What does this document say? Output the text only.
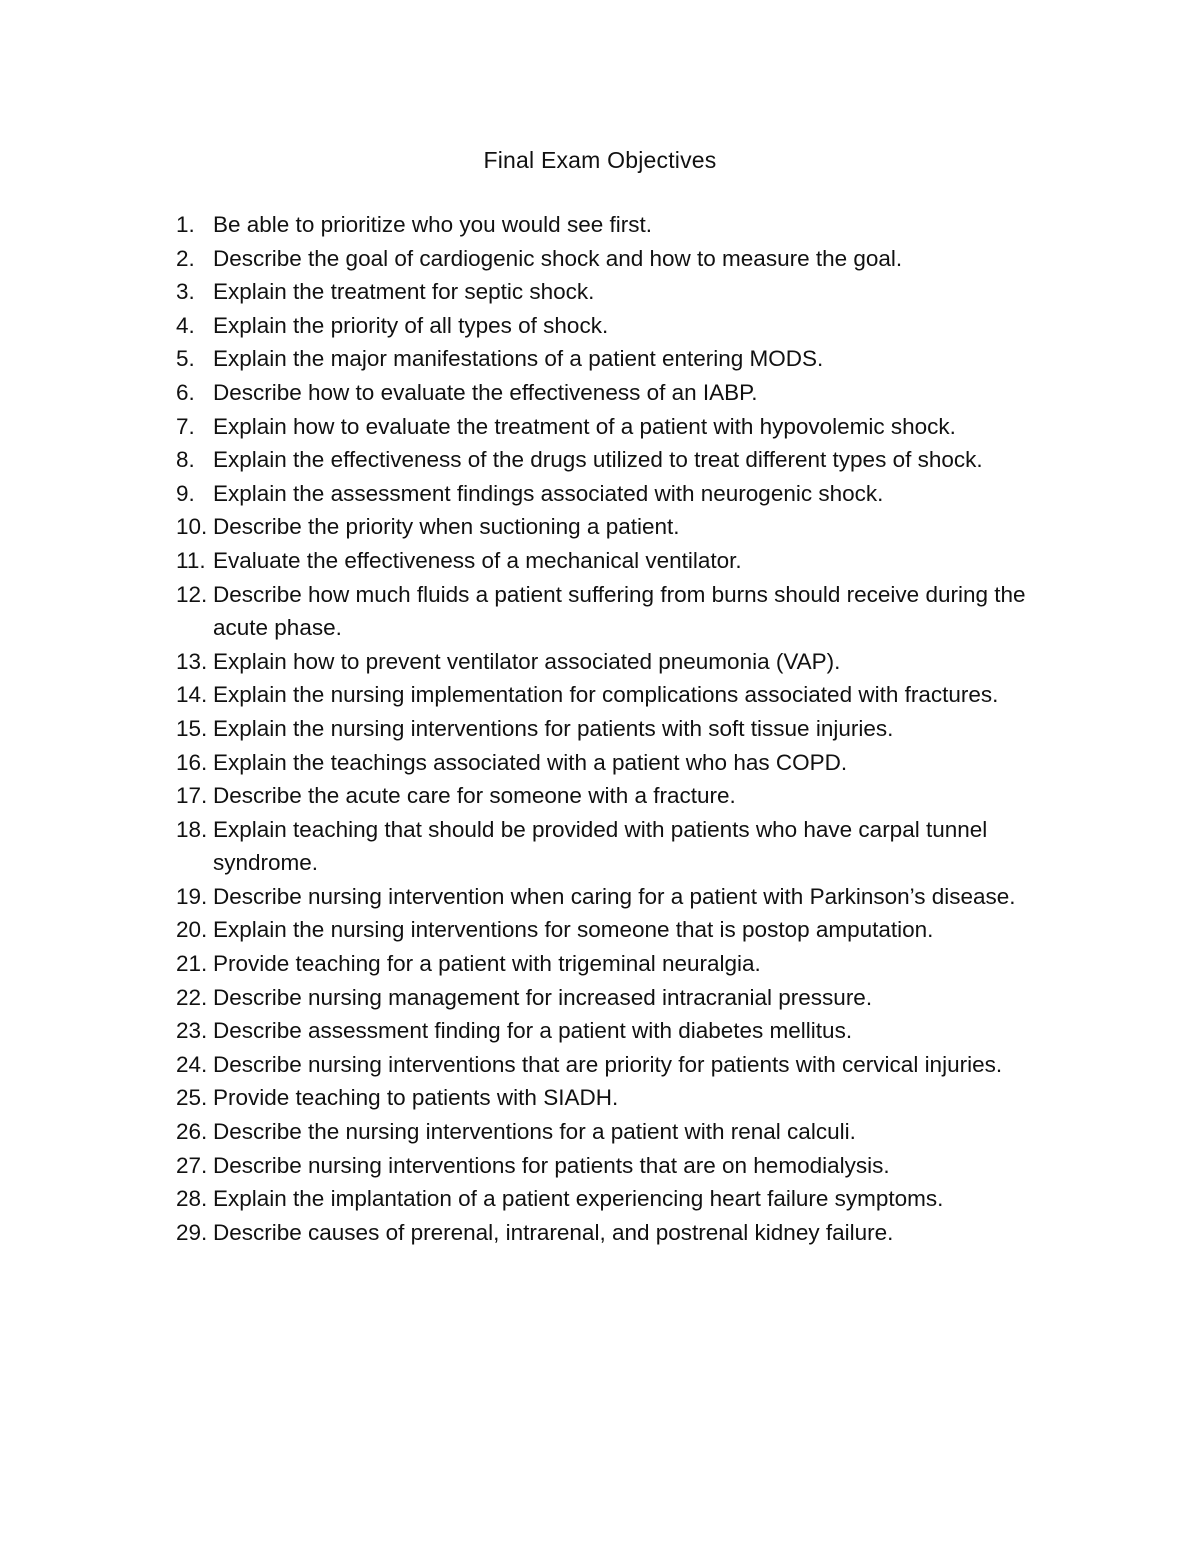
Final Exam Objectives
1. Be able to prioritize who you would see first.
2. Describe the goal of cardiogenic shock and how to measure the goal.
3. Explain the treatment for septic shock.
4. Explain the priority of all types of shock.
5. Explain the major manifestations of a patient entering MODS.
6. Describe how to evaluate the effectiveness of an IABP.
7. Explain how to evaluate the treatment of a patient with hypovolemic shock.
8. Explain the effectiveness of the drugs utilized to treat different types of shock.
9. Explain the assessment findings associated with neurogenic shock.
10. Describe the priority when suctioning a patient.
11. Evaluate the effectiveness of a mechanical ventilator.
12. Describe how much fluids a patient suffering from burns should receive during the acute phase.
13. Explain how to prevent ventilator associated pneumonia (VAP).
14. Explain the nursing implementation for complications associated with fractures.
15. Explain the nursing interventions for patients with soft tissue injuries.
16. Explain the teachings associated with a patient who has COPD.
17. Describe the acute care for someone with a fracture.
18. Explain teaching that should be provided with patients who have carpal tunnel syndrome.
19. Describe nursing intervention when caring for a patient with Parkinson’s disease.
20. Explain the nursing interventions for someone that is postop amputation.
21. Provide teaching for a patient with trigeminal neuralgia.
22. Describe nursing management for increased intracranial pressure.
23. Describe assessment finding for a patient with diabetes mellitus.
24. Describe nursing interventions that are priority for patients with cervical injuries.
25. Provide teaching to patients with SIADH.
26. Describe the nursing interventions for a patient with renal calculi.
27. Describe nursing interventions for patients that are on hemodialysis.
28. Explain the implantation of a patient experiencing heart failure symptoms.
29. Describe causes of prerenal, intrarenal, and postrenal kidney failure.
